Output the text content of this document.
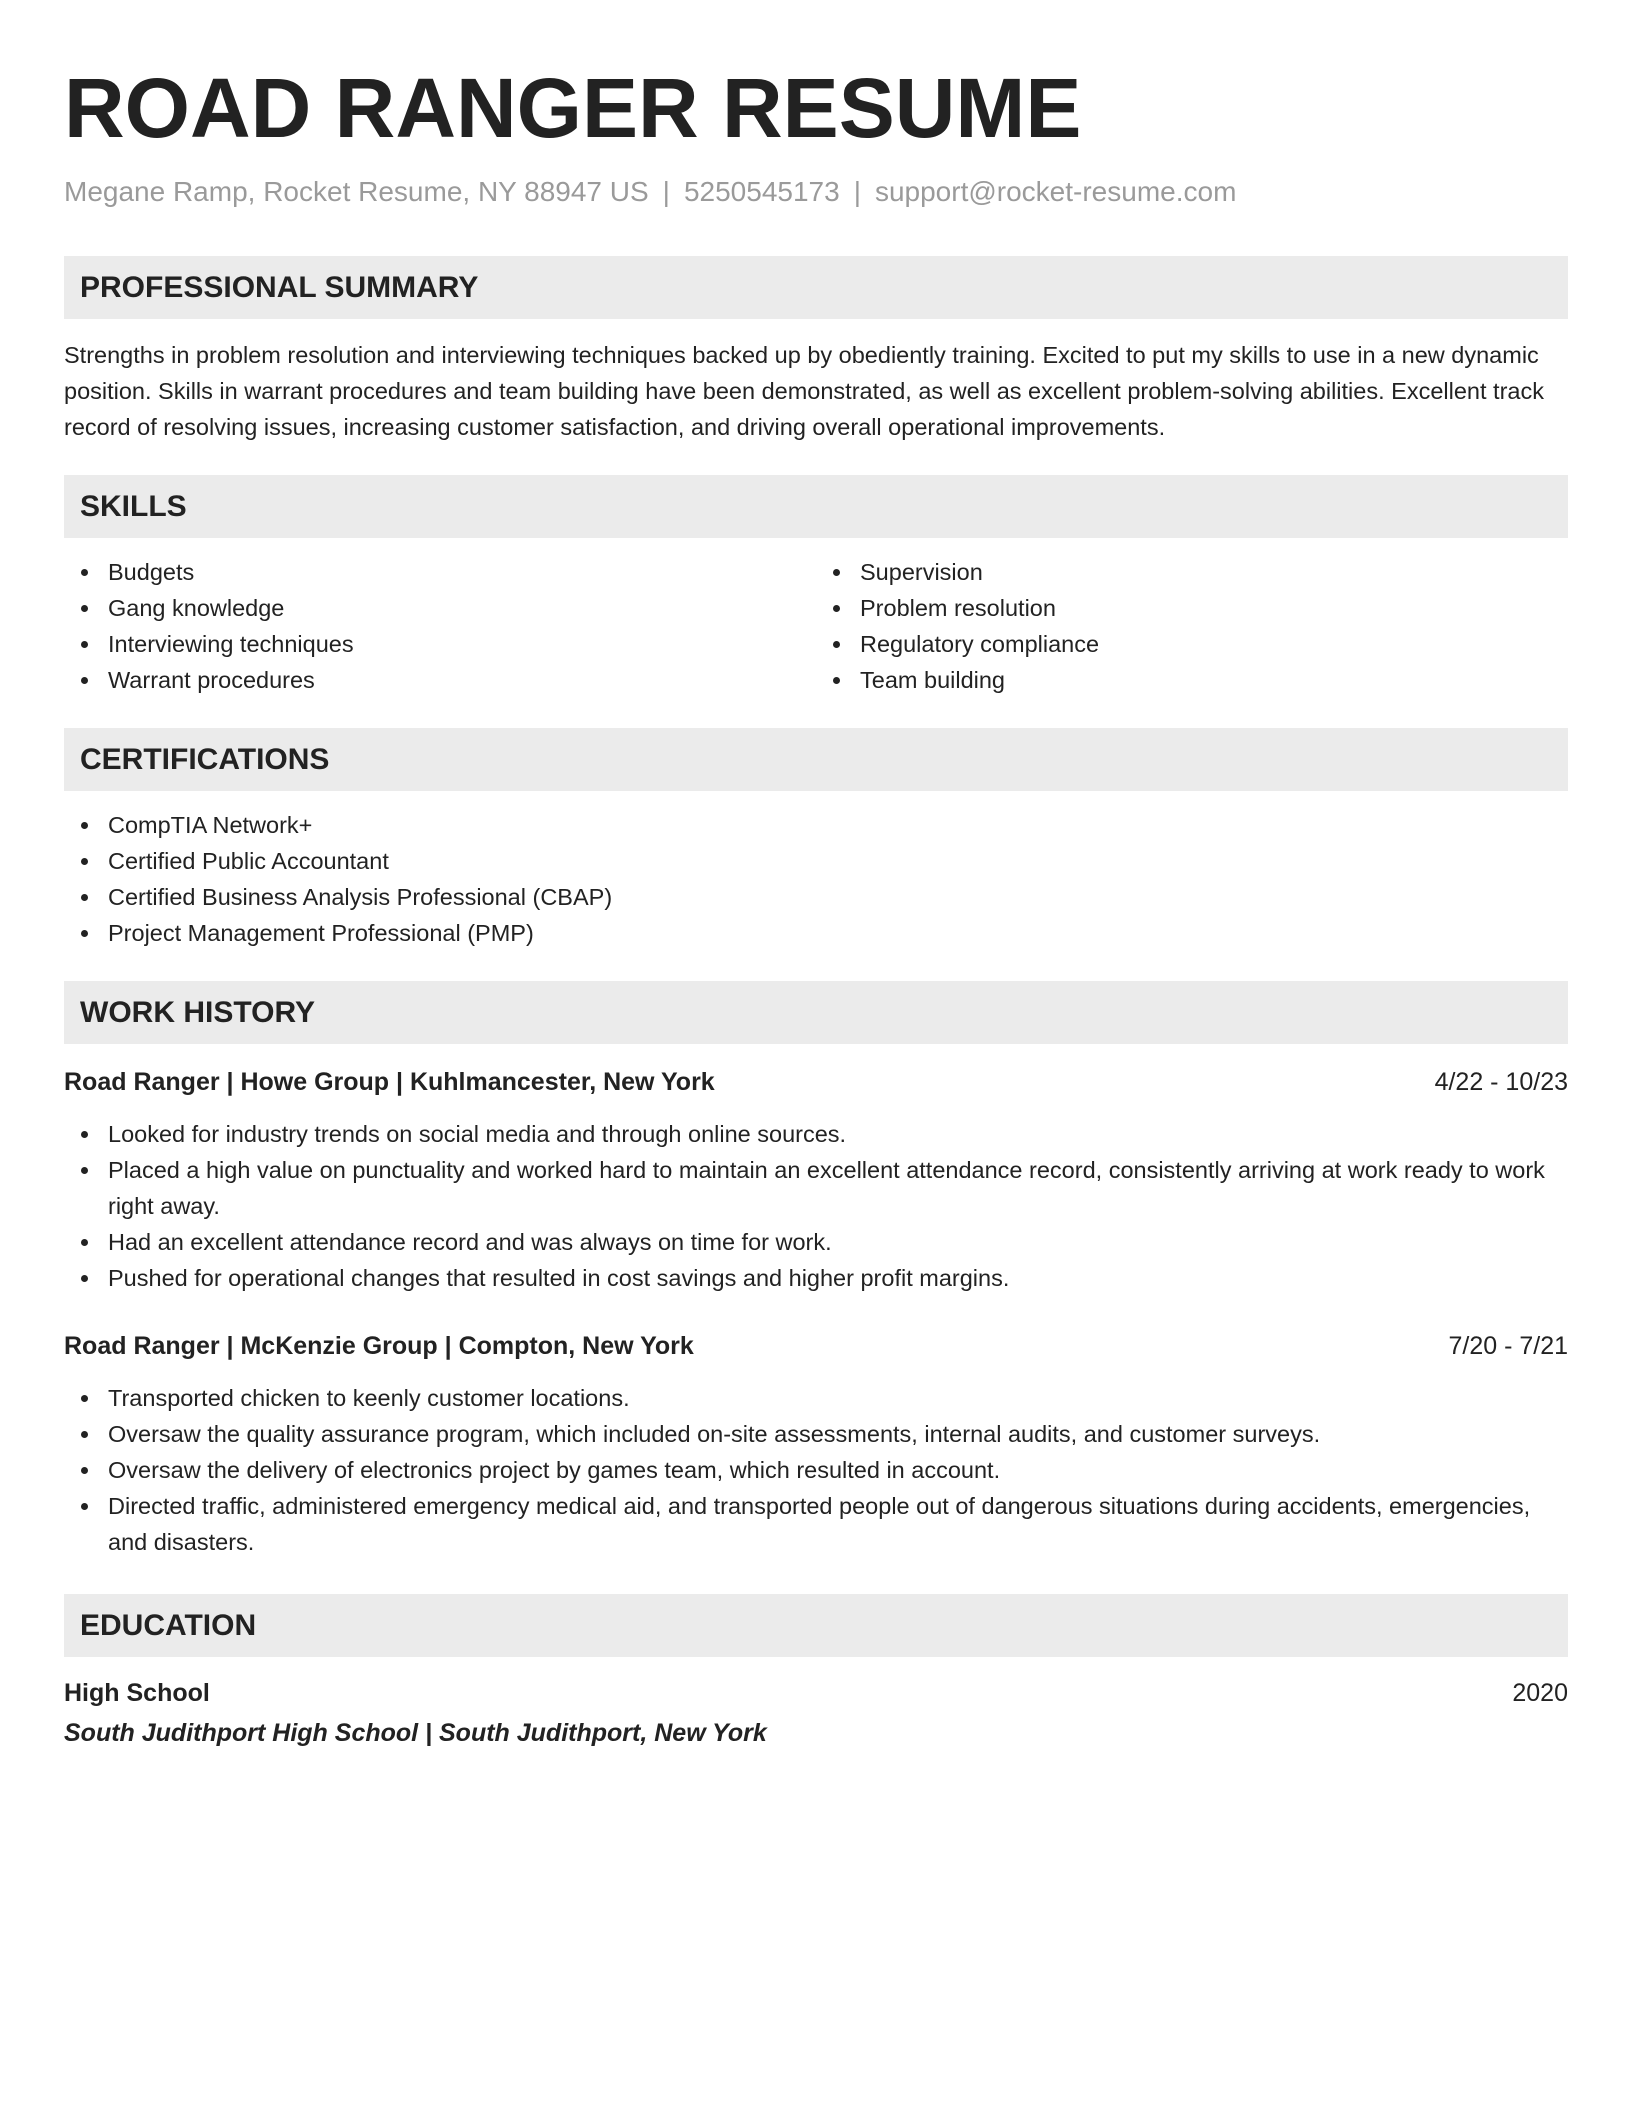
ROAD RANGER RESUME
Megane Ramp, Rocket Resume, NY 88947 US | 5250545173 | support@rocket-resume.com
PROFESSIONAL SUMMARY

Strengths in problem resolution and interviewing techniques backed up by obediently training. Excited to put my skills to use in a new dynamic position. Skills in warrant procedures and team building have been demonstrated, as well as excellent problem-solving abilities. Excellent track record of resolving issues, increasing customer satisfaction, and driving overall operational improvements.

SKILLS
Budgets
Gang knowledge
Interviewing techniques
Warrant procedures
Supervision
Problem resolution
Regulatory compliance
Team building
CERTIFICATIONS
CompTIA Network+
Certified Public Accountant
Certified Business Analysis Professional (CBAP)
Project Management Professional (PMP)
WORK HISTORY
Road Ranger | Howe Group | Kuhlmancester, New York	4/22 - 10/23
Looked for industry trends on social media and through online sources.
Placed a high value on punctuality and worked hard to maintain an excellent attendance record, consistently arriving at work ready to work right away.
Had an excellent attendance record and was always on time for work.
Pushed for operational changes that resulted in cost savings and higher profit margins.
Road Ranger | McKenzie Group | Compton, New York	7/20 - 7/21
Transported chicken to keenly customer locations.
Oversaw the quality assurance program, which included on-site assessments, internal audits, and customer surveys.
Oversaw the delivery of electronics project by games team, which resulted in account.
Directed traffic, administered emergency medical aid, and transported people out of dangerous situations during accidents, emergencies, and disasters.
EDUCATION
High School	2020
South Judithport High School | South Judithport, New York
